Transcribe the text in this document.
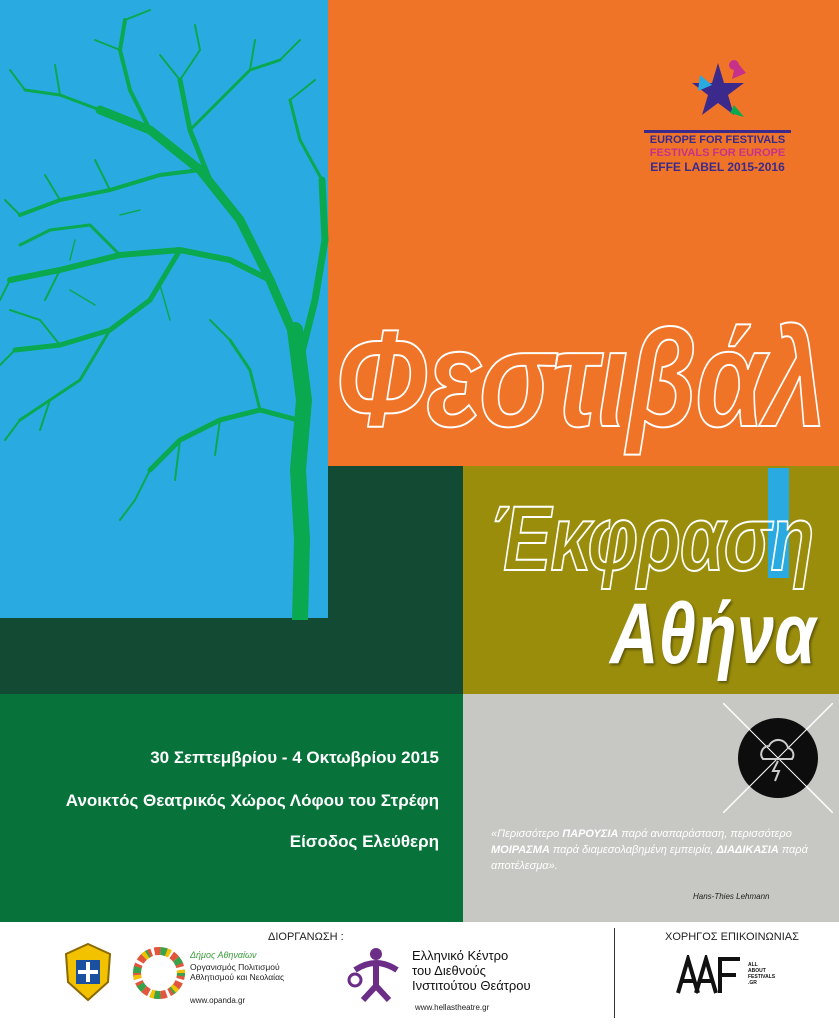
EUROPE FOR FESTIVALS
FESTIVALS FOR EUROPE
EFFE LABEL 2015-2016
Φεστιβάλ
Έκφραση
Αθήνα
30 Σεπτεμβρίου - 4 Οκτωβρίου 2015
Ανοικτός Θεατρικός Χώρος Λόφου του Στρέφη
Είσοδος Ελεύθερη	«Περισσότερο ΠΑΡΟΥΣΙΑ παρά αναπαράσταση, περισσότερο ΜΟΙΡΑΣΜΑ παρά διαμεσολαβημένη εμπειρία, ΔΙΑΔΙΚΑΣΙΑ παρά αποτέλεσμα».
Hans-Thies Lehmann
ΔΙΟΡΓΑΝΩΣΗ :	ΧΟΡΗΓΟΣ ΕΠΙΚΟΙΝΩΝΙΑΣ
Δήμος Αθηναίων
Οργανισμός Πολιτισμού
Αθλητισμού και Νεολαίας
www.opanda.gr
Ελληνικό Κέντρο
του Διεθνούς
Ινστιτούτου Θεάτρου
www.hellastheatre.gr
ALL
ABOUT
FESTIVALS
.GR
